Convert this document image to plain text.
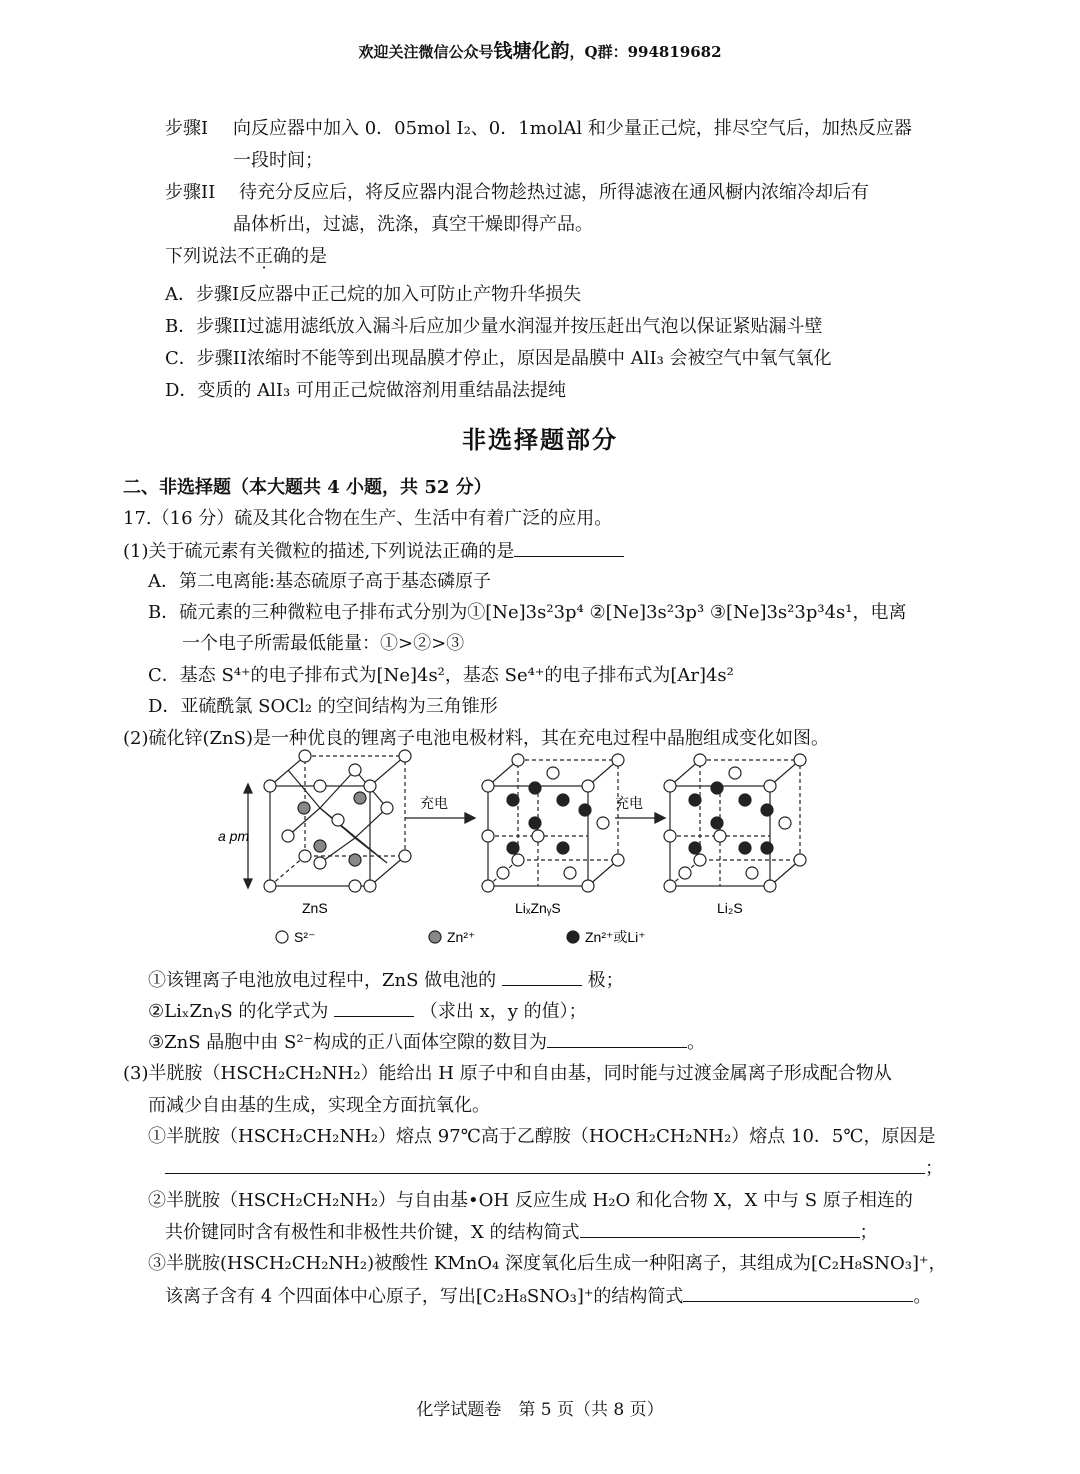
欢迎关注微信公众号钱塘化韵，Q群：994819682
步骤I 向反应器中加入 0．05mol I₂、0．1molAl 和少量正己烷，排尽空气后，加热反应器
一段时间；
步骤II 待充分反应后，将反应器内混合物趁热过滤，所得滤液在通风橱内浓缩冷却后有
晶体析出，过滤，洗涤，真空干燥即得产品。
下列说法不正确的是
A．步骤I反应器中正己烷的加入可防止产物升华损失
B．步骤II过滤用滤纸放入漏斗后应加少量水润湿并按压赶出气泡以保证紧贴漏斗壁
C．步骤II浓缩时不能等到出现晶膜才停止，原因是晶膜中 AlI₃ 会被空气中氧气氧化
D．变质的 AlI₃ 可用正己烷做溶剂用重结晶法提纯
非选择题部分
二、非选择题（本大题共 4 小题，共 52 分）
17.（16 分）硫及其化合物在生产、生活中有着广泛的应用。
(1)关于硫元素有关微粒的描述,下列说法正确的是
A．第二电离能:基态硫原子高于基态磷原子
B．硫元素的三种微粒电子排布式分别为①[Ne]3s²3p⁴ ②[Ne]3s²3p³ ③[Ne]3s²3p³4s¹，电离
一个电子所需最低能量：①>②>③
C．基态 S⁴⁺的电子排布式为[Ne]4s²，基态 Se⁴⁺的电子排布式为[Ar]4s²
D．亚硫酰氯 SOCl₂ 的空间结构为三角锥形
(2)硫化锌(ZnS)是一种优良的锂离子电池电极材料，其在充电过程中晶胞组成变化如图。
a pm
充电	充电
ZnS	LiₓZnᵧS	Li₂S
S²⁻	Zn²⁺	Zn²⁺或Li⁺
①该锂离子电池放电过程中，ZnS 做电池的	极；
②LiₓZnᵧS 的化学式为	（求出 x，y 的值）；
③ZnS 晶胞中由 S²⁻构成的正八面体空隙的数目为	。
(3)半胱胺（HSCH₂CH₂NH₂）能给出 H 原子中和自由基，同时能与过渡金属离子形成配合物从
而减少自由基的生成，实现全方面抗氧化。
①半胱胺（HSCH₂CH₂NH₂）熔点 97℃高于乙醇胺（HOCH₂CH₂NH₂）熔点 10．5℃，原因是
；
②半胱胺（HSCH₂CH₂NH₂）与自由基•OH 反应生成 H₂O 和化合物 X，X 中与 S 原子相连的
共价键同时含有极性和非极性共价键，X 的结构简式	；
③半胱胺(HSCH₂CH₂NH₂)被酸性 KMnO₄ 深度氧化后生成一种阳离子，其组成为[C₂H₈SNO₃]⁺，
该离子含有 4 个四面体中心原子，写出[C₂H₈SNO₃]⁺的结构简式	。
化学试题卷　第 5 页（共 8 页）
